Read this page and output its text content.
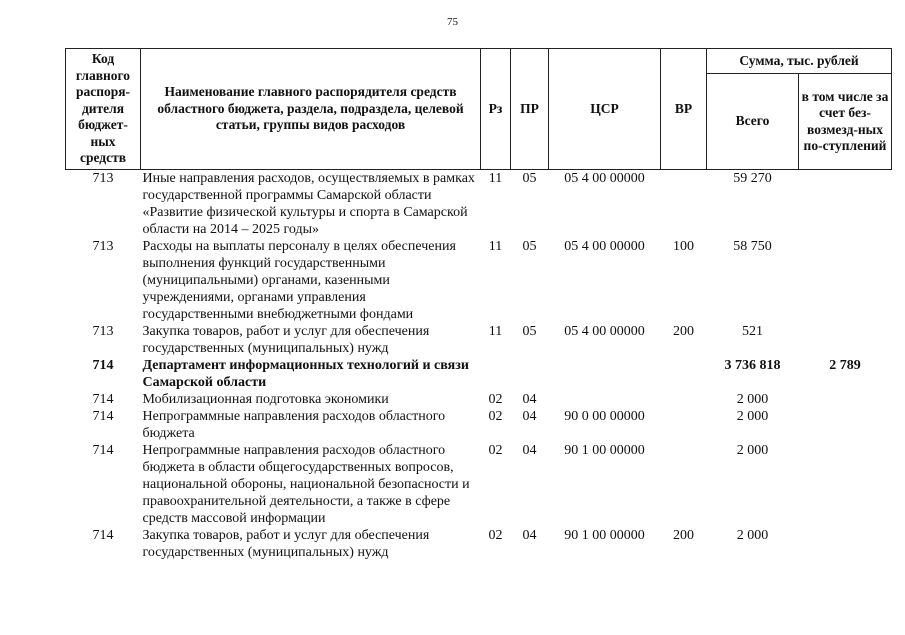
75
Код главного распоря-дителя бюджет-ных средств	Наименование главного распорядителя средств областного бюджета, раздела, подраздела, целевой статьи, группы видов расходов	Рз	ПР	ЦСР	ВР	Сумма, тыс. рублей	
						Всего	в том числе за счет без-возмезд-ных по-ступлений
713	Иные направления расходов, осуществляемых в рамках государственной программы Самарской области «Развитие физической культуры и спорта в Самарской области на 2014 – 2025 годы»	11	05	05 4 00 00000		59 270	
713	Расходы на выплаты персоналу в целях обеспечения выполнения функций государственными (муниципальными) органами, казенными учреждениями, органами управления государственными внебюджетными фондами	11	05	05 4 00 00000	100	58 750	
713	Закупка товаров, работ и услуг для обеспечения государственных (муниципальных) нужд	11	05	05 4 00 00000	200	521	
714	Департамент информационных технологий и связи Самарской области					3 736 818	2 789
714	Мобилизационная подготовка экономики	02	04			2 000	
714	Непрограммные направления расходов областного бюджета	02	04	90 0 00 00000		2 000	
714	Непрограммные направления расходов областного бюджета в области общегосударственных вопросов, национальной обороны, национальной безопасности и правоохранительной деятельности, а также в сфере средств массовой информации	02	04	90 1 00 00000		2 000	
714	Закупка товаров, работ и услуг для обеспечения государственных (муниципальных) нужд	02	04	90 1 00 00000	200	2 000	
